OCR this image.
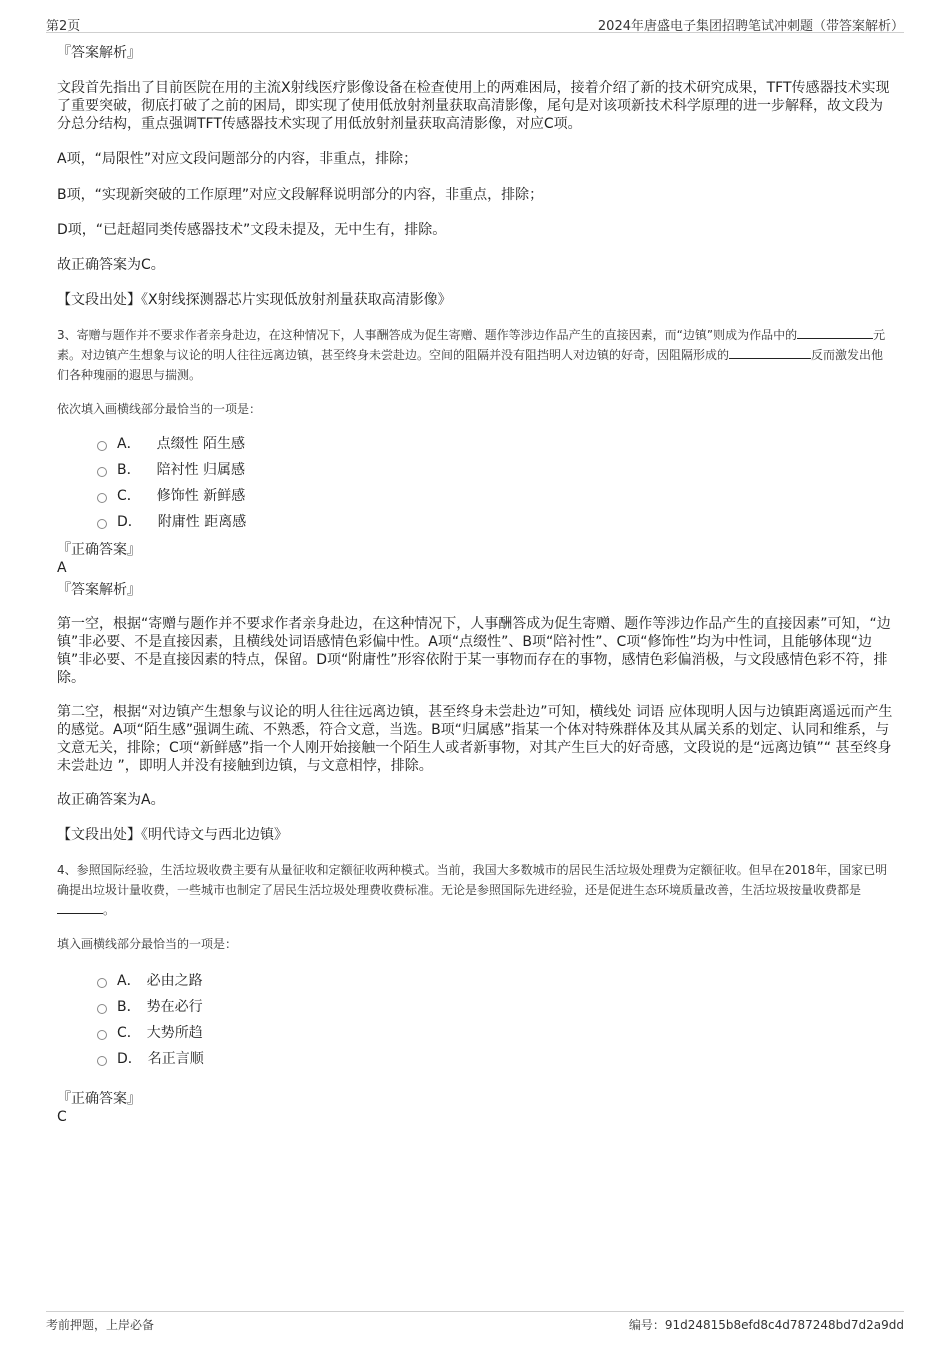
第2页	2024年唐盛电子集团招聘笔试冲刺题（带答案解析）

『答案解析』

文段首先指出了目前医院在用的主流X射线医疗影像设备在检查使用上的两难困局，接着介绍了新的技术研究成果，TFT传感器技术实现了重要突破，彻底打破了之前的困局，即实现了使用低放射剂量获取高清影像，尾句是对该项新技术科学原理的进一步解释，故文段为分总分结构，重点强调TFT传感器技术实现了用低放射剂量获取高清影像，对应C项。

A项，“局限性”对应文段问题部分的内容，非重点，排除；

B项，“实现新突破的工作原理”对应文段解释说明部分的内容，非重点，排除；

D项，“已赶超同类传感器技术”文段未提及，无中生有，排除。

故正确答案为C。

【文段出处】《X射线探测器芯片实现低放射剂量获取高清影像》

3、寄赠与题作并不要求作者亲身赴边，在这种情况下，人事酬答成为促生寄赠、题作等涉边作品产生的直接因素，而“边镇”则成为作品中的	元素。对边镇产生想象与议论的明人往往远离边镇，甚至终身未尝赴边。空间的阻隔并没有阻挡明人对边镇的好奇，因阻隔形成的	反而激发出他们各种瑰丽的遐思与揣测。

依次填入画横线部分最恰当的一项是：

A． 点缀性 陌生感
B． 陪衬性 归属感
C． 修饰性 新鲜感
D． 附庸性 距离感

『正确答案』

A

『答案解析』

第一空，根据“寄赠与题作并不要求作者亲身赴边，在这种情况下，人事酬答成为促生寄赠、题作等涉边作品产生的直接因素”可知，“边镇”非必要、不是直接因素，且横线处词语感情色彩偏中性。A项“点缀性”、B项“陪衬性”、C项“修饰性”均为中性词，且能够体现“边镇”非必要、不是直接因素的特点，保留。D项“附庸性”形容依附于某一事物而存在的事物，感情色彩偏消极，与文段感情色彩不符，排除。

第二空，根据“对边镇产生想象与议论的明人往往远离边镇，甚至终身未尝赴边”可知，横线处 词语 应体现明人因与边镇距离遥远而产生的感觉。A项“陌生感”强调生疏、不熟悉，符合文意，当选。B项“归属感”指某一个体对特殊群体及其从属关系的划定、认同和维系，与文意无关，排除；C项“新鲜感”指一个人刚开始接触一个陌生人或者新事物，对其产生巨大的好奇感，文段说的是“远离边镇”“ 甚至终身未尝赴边 ”，即明人并没有接触到边镇，与文意相悖，排除。

故正确答案为A。

【文段出处】《明代诗文与西北边镇》

4、参照国际经验，生活垃圾收费主要有从量征收和定额征收两种模式。当前，我国大多数城市的居民生活垃圾处理费为定额征收。但早在2018年，国家已明确提出垃圾计量收费，一些城市也制定了居民生活垃圾处理费收费标准。无论是参照国际先进经验，还是促进生态环境质量改善，生活垃圾按量收费都是。

填入画横线部分最恰当的一项是：

A． 必由之路
B． 势在必行
C． 大势所趋
D． 名正言顺

『正确答案』

C

考前押题，上岸必备	编号：91d24815b8efd8c4d787248bd7d2a9dd
